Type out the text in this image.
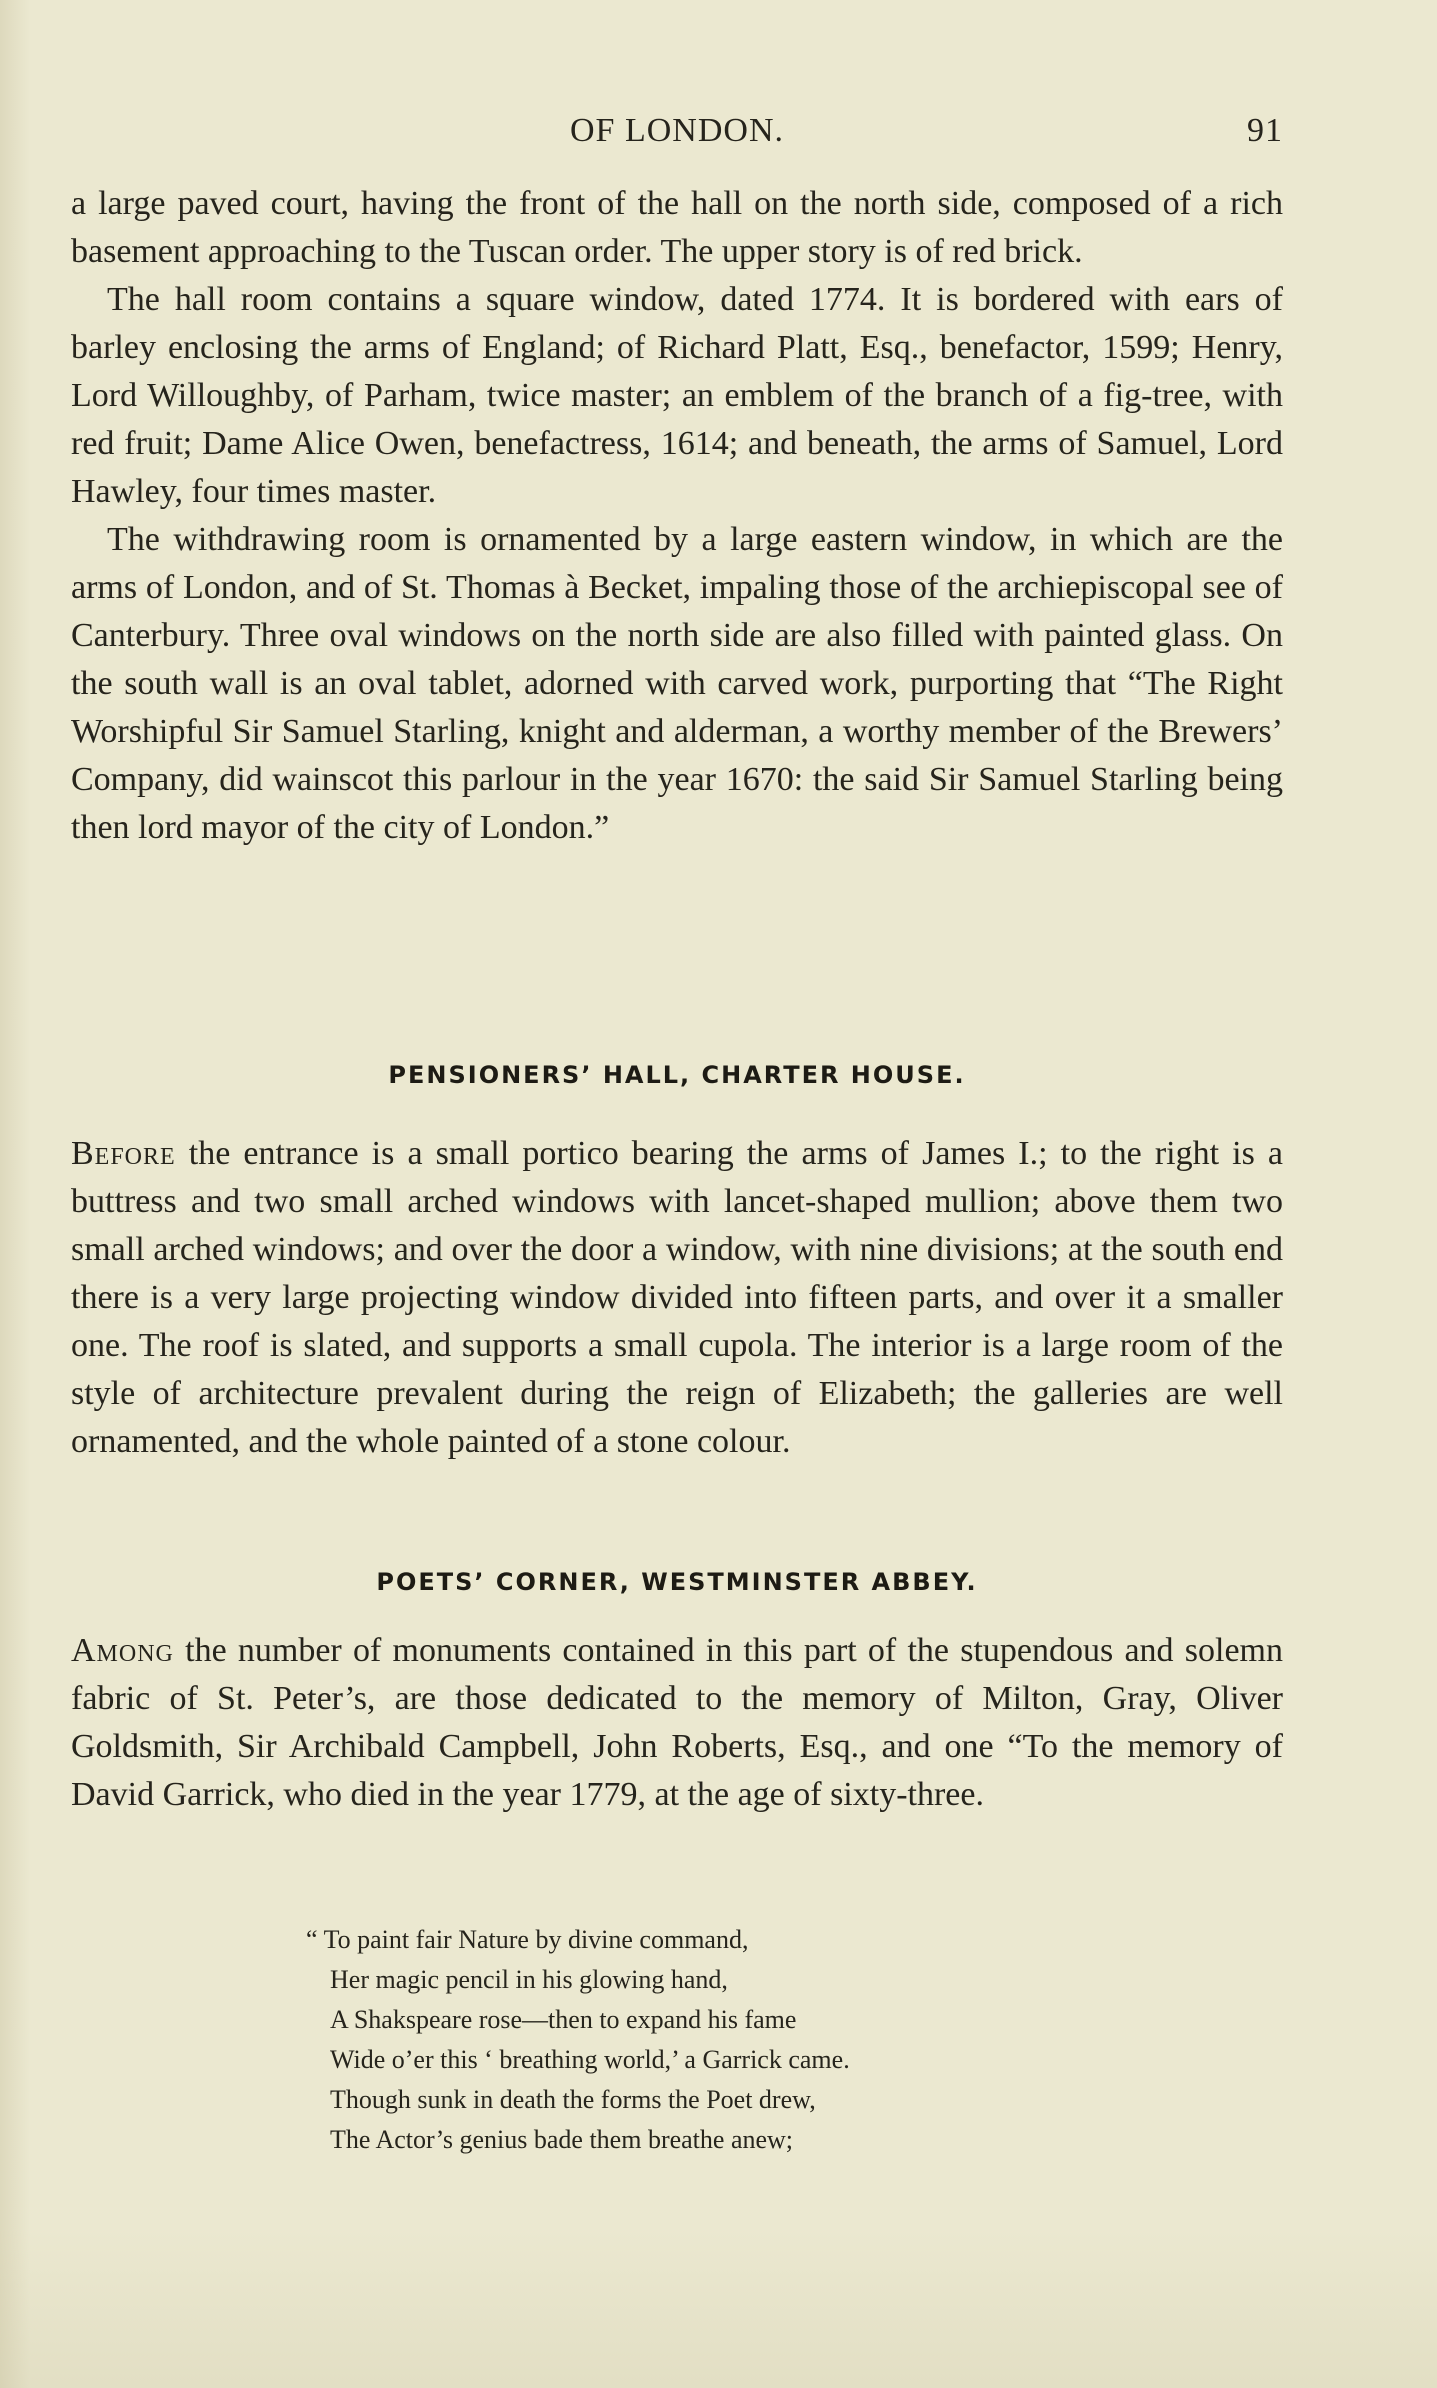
OF LONDON.	91

a large paved court, having the front of the hall on the north side, composed of a rich basement approaching to the Tuscan order. The upper story is of red brick.

The hall room contains a square window, dated 1774. It is bordered with ears of barley enclosing the arms of England; of Richard Platt, Esq., benefactor, 1599; Henry, Lord Willoughby, of Parham, twice master; an emblem of the branch of a fig-tree, with red fruit; Dame Alice Owen, benefactress, 1614; and beneath, the arms of Samuel, Lord Hawley, four times master.

The withdrawing room is ornamented by a large eastern window, in which are the arms of London, and of St. Thomas à Becket, impaling those of the archiepiscopal see of Canterbury. Three oval windows on the north side are also filled with painted glass. On the south wall is an oval tablet, adorned with carved work, purporting that “The Right Worshipful Sir Samuel Starling, knight and alderman, a worthy member of the Brewers’ Company, did wainscot this parlour in the year 1670: the said Sir Samuel Starling being then lord mayor of the city of London.”

PENSIONERS’ HALL, CHARTER HOUSE.

Before the entrance is a small portico bearing the arms of James I.; to the right is a buttress and two small arched windows with lancet-shaped mullion; above them two small arched windows; and over the door a window, with nine divisions; at the south end there is a very large projecting window divided into fifteen parts, and over it a smaller one. The roof is slated, and supports a small cupola. The interior is a large room of the style of architecture prevalent during the reign of Elizabeth; the galleries are well ornamented, and the whole painted of a stone colour.

POETS’ CORNER, WESTMINSTER ABBEY.

Among the number of monuments contained in this part of the stupendous and solemn fabric of St. Peter’s, are those dedicated to the memory of Milton, Gray, Oliver Goldsmith, Sir Archibald Campbell, John Roberts, Esq., and one “To the memory of David Garrick, who died in the year 1779, at the age of sixty-three.

“ To paint fair Nature by divine command,
Her magic pencil in his glowing hand,
A Shakspeare rose—then to expand his fame
Wide o’er this ‘ breathing world,’ a Garrick came.
Though sunk in death the forms the Poet drew,
The Actor’s genius bade them breathe anew;
